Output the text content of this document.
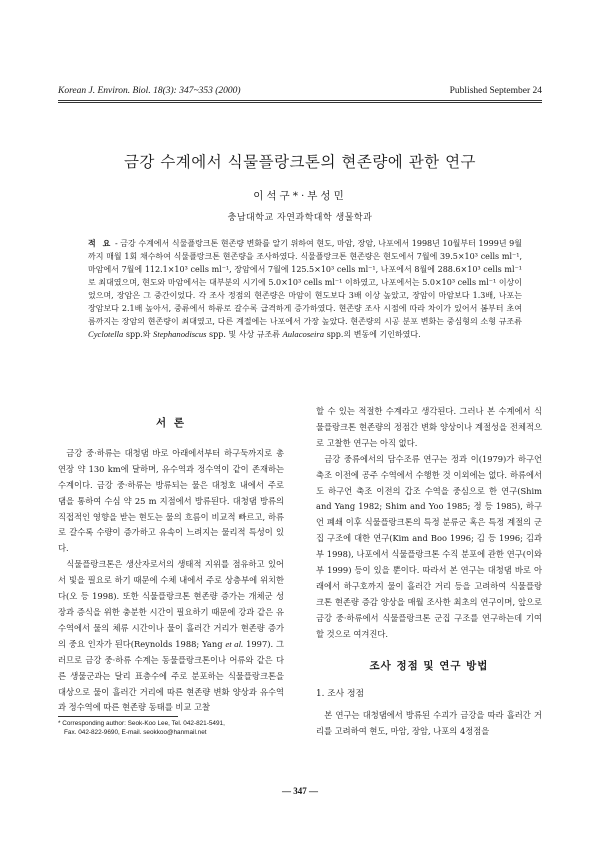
Korean J. Environ. Biol. 18(3): 347~353 (2000)	Published September 24
금강 수계에서 식물플랑크톤의 현존량에 관한 연구
이석구*·부성민
충남대학교 자연과학대학 생물학과
적 요 - 금강 수계에서 식물플랑크톤 현존량 변화를 알기 위하여 현도, 마암, 장암, 나포에서 1998년 10월부터 1999년 9월까지 매월 1회 채수하여 식물플랑크톤 현존량을 조사하였다. 식물플랑크톤 현존량은 현도에서 7월에 39.5×10³ cells ml⁻¹, 마암에서 7월에 112.1×10³ cells ml⁻¹, 장암에서 7월에 125.5×10³ cells ml⁻¹, 나포에서 8월에 288.6×10³ cells ml⁻¹로 최대였으며, 현도와 마암에서는 대부분의 시기에 5.0×10³ cells ml⁻¹ 이하였고, 나포에서는 5.0×10³ cells ml⁻¹ 이상이었으며, 장암은 그 중간이었다. 각 조사 정점의 현존량은 마암이 현도보다 3배 이상 높았고, 장암이 마암보다 1.3배, 나포는 장암보다 2.1배 높아서, 중류에서 하류로 갈수록 급격하게 증가하였다. 현존량 조사 시점에 따라 차이가 있어서 봄부터 초여름까지는 장암의 현존량이 최대였고, 다른 계절에는 나포에서 가장 높았다. 현존량의 시공 분포 변화는 중심형의 소형 규조류 Cyclotella spp.와 Stephanodiscus spp. 및 사상 규조류 Aulacoseira spp.의 변동에 기인하였다.
서 론

금강 중·하류는 대청댐 바로 아래에서부터 하구둑까지로 총 연장 약 130 km에 달하며, 유수역과 정수역이 같이 존재하는 수계이다. 금강 중·하류는 방류되는 물은 대청호 내에서 주로 댐을 통하여 수심 약 25 m 지점에서 방류된다. 대청댐 방류의 직접적인 영향을 받는 현도는 물의 흐름이 비교적 빠르고, 하류로 갈수록 수량이 증가하고 유속이 느려지는 물리적 특성이 있다.

식물플랑크톤은 생산자로서의 생태적 지위를 점유하고 있어서 빛을 필요로 하기 때문에 수체 내에서 주로 상층부에 위치한다(오 등 1998). 또한 식물플랑크톤 현존량 증가는 개체군 성장과 증식을 위한 충분한 시간이 필요하기 때문에 강과 같은 유수역에서 물의 체류 시간이나 물이 흘러간 거리가 현존량 증가의 중요 인자가 된다(Reynolds 1988; Yang et al. 1997). 그러므로 금강 중·하류 수계는 동물플랑크톤이나 어류와 같은 다른 생물군과는 달리 표층수에 주로 분포하는 식물플랑크톤을 대상으로 물이 흘러간 거리에 따른 현존량 변화 양상과 유수역과 정수역에 따른 현존량 동태를 비교 고찰

할 수 있는 적절한 수계라고 생각된다. 그러나 본 수계에서 식물플랑크톤 현존량의 정점간 변화 양상이나 계절성을 전체적으로 고찰한 연구는 아직 없다.

금강 중류에서의 담수조류 연구는 정과 이(1979)가 하구언 축조 이전에 공주 수역에서 수행한 것 이외에는 없다. 하류에서도 하구언 축조 이전의 갑조 수역을 중심으로 한 연구(Shim and Yang 1982; Shim and Yoo 1985; 정 등 1985), 하구언 폐쇄 이후 식물플랑크톤의 특정 분류군 혹은 특정 계절의 군집 구조에 대한 연구(Kim and Boo 1996; 김 등 1996; 김과 부 1998), 나포에서 식물플랑크톤 수직 분포에 관한 연구(이와 부 1999) 등이 있을 뿐이다. 따라서 본 연구는 대청댐 바로 아래에서 하구호까지 물이 흘러간 거리 등을 고려하여 식물플랑크톤 현존량 증감 양상을 매월 조사한 최초의 연구이며, 앞으로 금강 중·하류에서 식물플랑크톤 군집 구조를 연구하는데 기여할 것으로 여겨진다.

조사 정점 및 연구 방법
1. 조사 정점

본 연구는 대청댐에서 방류된 수괴가 금강을 따라 흘러간 거리를 고려하여 현도, 마암, 장암, 나포의 4정점을

* Corresponding author: Seok-Koo Lee, Tel. 042-821-5491,
Fax. 042-822-9690, E-mail. seokkoo@hanmail.net
— 347 —
